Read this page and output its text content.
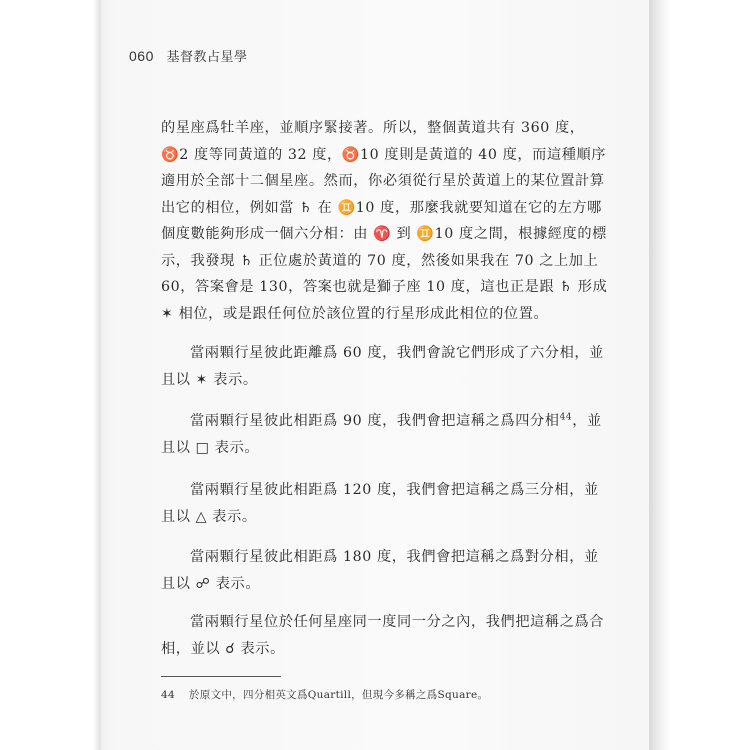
060 基督教占星學

的星座爲牡羊座，並順序緊接著。所以，整個黃道共有 360 度，♉2 度等同黃道的 32 度，♉10 度則是黃道的 40 度，而這種順序適用於全部十二個星座。然而，你必須從行星於黃道上的某位置計算出它的相位，例如當 ♄ 在 ♊10 度，那麼我就要知道在它的左方哪個度數能夠形成一個六分相：由 ♈ 到 ♊10 度之間，根據經度的標示，我發現 ♄ 正位處於黃道的 70 度，然後如果我在 70 之上加上 60，答案會是 130，答案也就是獅子座 10 度，這也正是跟 ♄ 形成 ✶ 相位，或是跟任何位於該位置的行星形成此相位的位置。

當兩顆行星彼此距離爲 60 度，我們會說它們形成了六分相，並且以 ✶ 表示。

當兩顆行星彼此相距爲 90 度，我們會把這稱之爲四分相$^{44}$，並且以 □ 表示。

當兩顆行星彼此相距爲 120 度，我們會把這稱之爲三分相，並且以 △ 表示。

當兩顆行星彼此相距爲 180 度，我們會把這稱之爲對分相，並且以 ☍ 表示。

當兩顆行星位於任何星座同一度同一分之內，我們把這稱之爲合相，並以 ☌ 表示。

44 於原文中，四分相英文爲Quartill，但現今多稱之爲Square。
